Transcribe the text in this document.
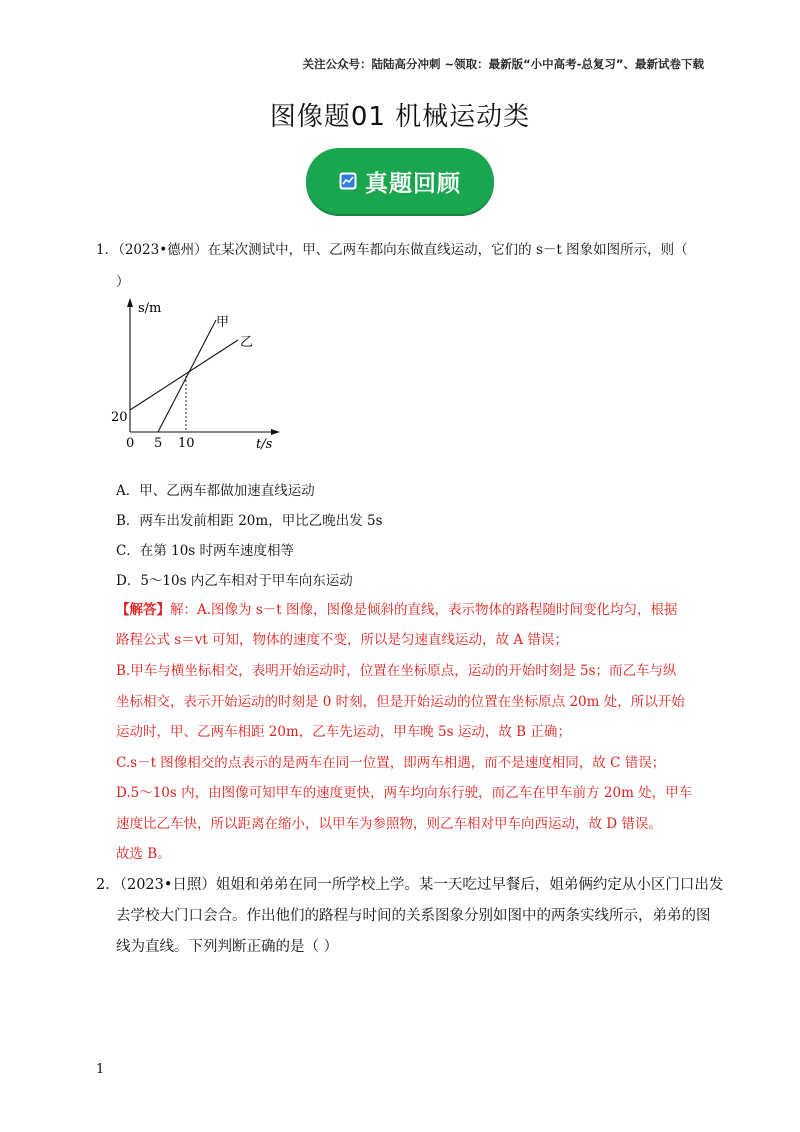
关注公众号：陆陆高分冲刺 ~领取：最新版“小中高考-总复习”、最新试卷下载
图像题01 机械运动类
真题回顾
1．（2023•德州）在某次测试中，甲、乙两车都向东做直线运动，它们的 s－t 图象如图所示，则（
）
s/m
t/s
20
0 5 10
甲
乙
A．甲、乙两车都做加速直线运动
B．两车出发前相距 20m，甲比乙晚出发 5s
C．在第 10s 时两车速度相等
D．5～10s 内乙车相对于甲车向东运动
【解答】解：A.图像为 s－t 图像，图像是倾斜的直线，表示物体的路程随时间变化均匀，根据
路程公式 s＝vt 可知，物体的速度不变，所以是匀速直线运动，故 A 错误；
B.甲车与横坐标相交，表明开始运动时，位置在坐标原点，运动的开始时刻是 5s；而乙车与纵
坐标相交，表示开始运动的时刻是 0 时刻，但是开始运动的位置在坐标原点 20m 处，所以开始
运动时，甲、乙两车相距 20m，乙车先运动，甲车晚 5s 运动，故 B 正确；
C.s－t 图像相交的点表示的是两车在同一位置，即两车相遇，而不是速度相同，故 C 错误；
D.5～10s 内，由图像可知甲车的速度更快，两车均向东行驶，而乙车在甲车前方 20m 处，甲车
速度比乙车快，所以距离在缩小，以甲车为参照物，则乙车相对甲车向西运动，故 D 错误。
故选 B。
2．（2023•日照）姐姐和弟弟在同一所学校上学。某一天吃过早餐后，姐弟俩约定从小区门口出发
去学校大门口会合。作出他们的路程与时间的关系图象分别如图中的两条实线所示，弟弟的图
线为直线。下列判断正确的是（ ）
1
